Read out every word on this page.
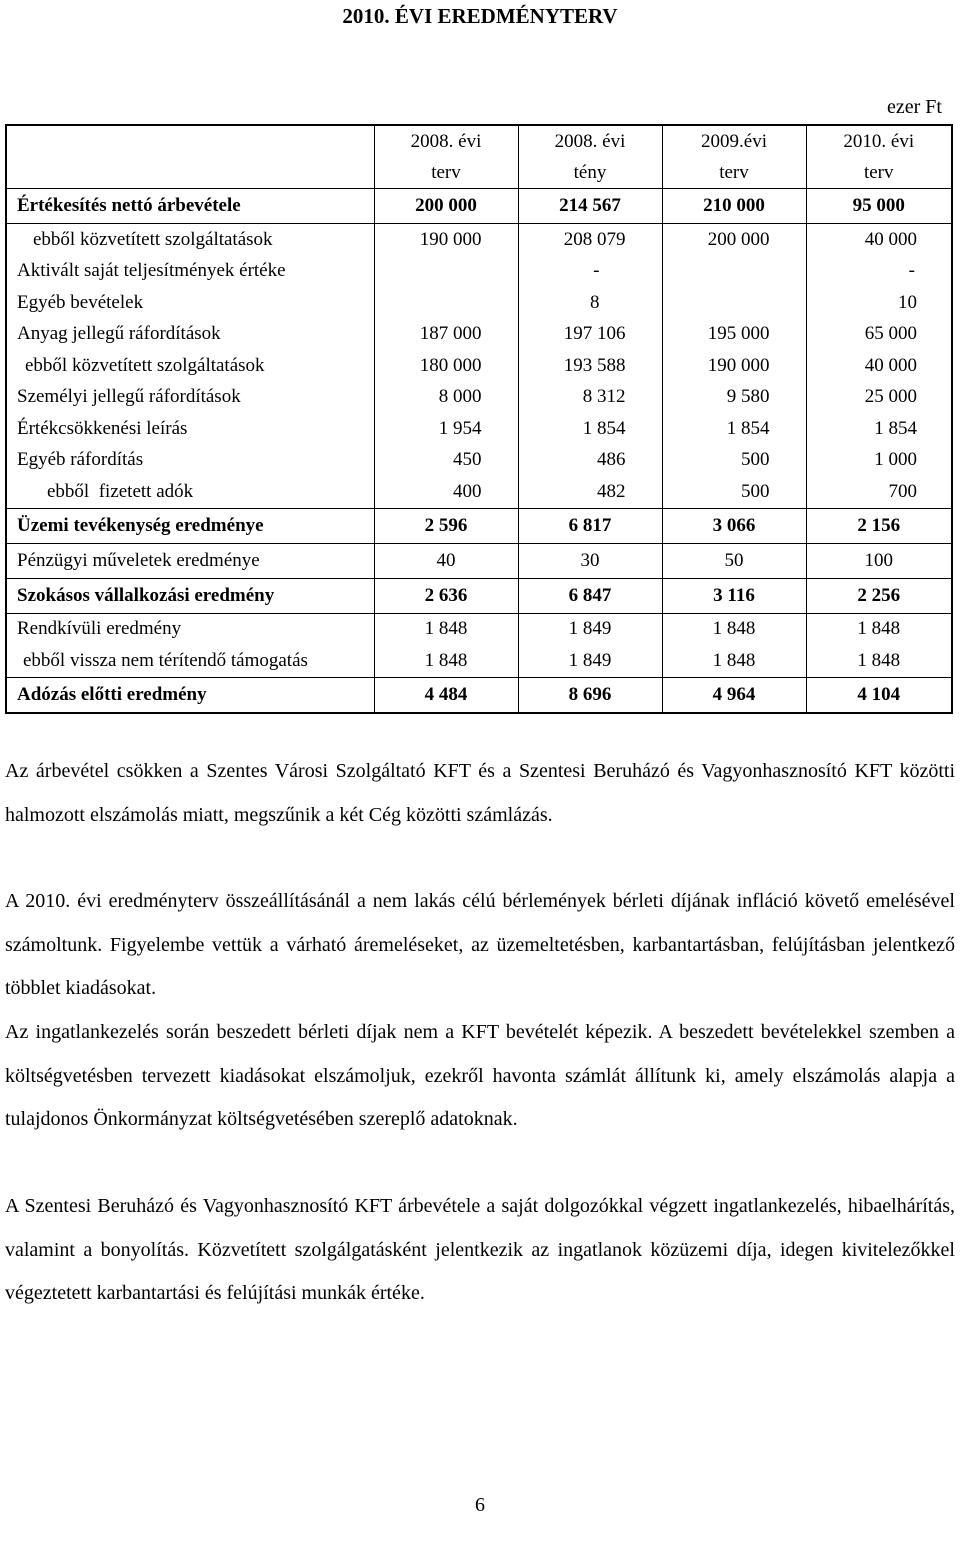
2010. ÉVI EREDMÉNYTERV
ezer Ft
	2008. évi	2008. évi	2009.évi	2010. évi
	terv	tény	terv	terv
Értékesítés nettó árbevétele	200 000	214 567	210 000	95 000
ebből közvetített szolgáltatások	190 000	208 079	200 000	40 000
Aktivált saját teljesítmények értéke		-		-
Egyéb bevételek		8		10
Anyag jellegű ráfordítások	187 000	197 106	195 000	65 000
ebből közvetített szolgáltatások	180 000	193 588	190 000	40 000
Személyi jellegű ráfordítások	8 000	8 312	9 580	25 000
Értékcsökkenési leírás	1 954	1 854	1 854	1 854
Egyéb ráfordítás	450	486	500	1 000
ebből  fizetett adók	400	482	500	700
Üzemi tevékenység eredménye	2 596	6 817	3 066	2 156
Pénzügyi műveletek eredménye	40	30	50	100
Szokásos vállalkozási eredmény	2 636	6 847	3 116	2 256
Rendkívüli eredmény	1 848	1 849	1 848	1 848
ebből vissza nem térítendő támogatás	1 848	1 849	1 848	1 848
Adózás előtti eredmény	4 484	8 696	4 964	4 104

Az árbevétel csökken a Szentes Városi Szolgáltató KFT és a Szentesi Beruházó és Vagyonhasznosító KFT közötti halmozott elszámolás miatt, megszűnik a két Cég közötti számlázás.

A 2010. évi eredményterv összeállításánál a nem lakás célú bérlemények bérleti díjának infláció követő emelésével számoltunk. Figyelembe vettük a várható áremeléseket, az üzemeltetésben, karbantartásban, felújításban jelentkező többlet kiadásokat.

Az ingatlankezelés során beszedett bérleti díjak nem a KFT bevételét képezik. A beszedett bevételekkel szemben a költségvetésben tervezett kiadásokat elszámoljuk, ezekről havonta számlát állítunk ki, amely elszámolás alapja a tulajdonos Önkormányzat költségvetésében szereplő adatoknak.

A Szentesi Beruházó és Vagyonhasznosító KFT árbevétele a saját dolgozókkal végzett ingatlankezelés, hibaelhárítás, valamint a bonyolítás. Közvetített szolgálgatásként jelentkezik az ingatlanok közüzemi díja, idegen kivitelezőkkel végeztetett karbantartási és felújítási munkák értéke.

6
